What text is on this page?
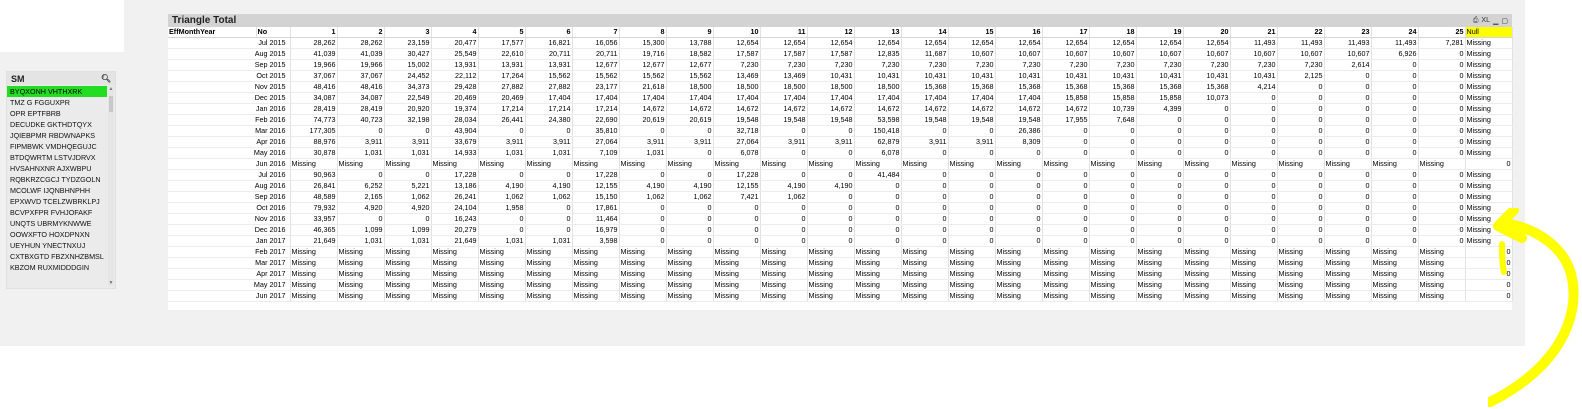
SM	🔍︎
BYQXONH VHTHXRK
TMZ G FGGUXPR
OPR EPTFBRB
DECUDKE GKTHDTQYX
JQIEBPMR RBDWNAPKS
FIPMBWK VMDHQEGUJC
BTDQWRTM LSTVJDRVX
HVSAHNXNR AJXWBPU
RQBKRZCGCJ TYDZGOLN
MCOLWF IJQNBHNPHH
EPXWVD TCELZWBRKLPJ
BCVPXFPR FVHJOFAKF
UNQTS UBRMYKNWWE
OOWXFTO HOXDPNXN
UEYHUN YNECTNXUJ
CXTBXGTD FBZXNHZBMSL
KBZOM RUXMIDDDGIN
▲
▼
Triangle Total	⎙ XL ▁ ▢
EffMonthYear	No	1	2	3	4	5	6	7	8	9	10	11	12	13	14	15	16	17	18	19	20	21	22	23	24	25	Null
Jul 2015		28,262	28,262	23,159	20,477	17,577	16,821	16,056	15,300	13,788	12,654	12,654	12,654	12,654	12,654	12,654	12,654	12,654	12,654	12,654	12,654	11,493	11,493	11,493	11,493	7,281	Missing
Aug 2015		41,039	41,039	30,427	25,549	22,610	20,711	20,711	19,716	18,582	17,587	17,587	17,587	12,835	11,687	10,607	10,607	10,607	10,607	10,607	10,607	10,607	10,607	10,607	6,926	0	Missing
Sep 2015		19,966	19,966	15,002	13,931	13,931	13,931	12,677	12,677	12,677	7,230	7,230	7,230	7,230	7,230	7,230	7,230	7,230	7,230	7,230	7,230	7,230	7,230	2,614	0	0	Missing
Oct 2015		37,067	37,067	24,452	22,112	17,264	15,562	15,562	15,562	15,562	13,469	13,469	10,431	10,431	10,431	10,431	10,431	10,431	10,431	10,431	10,431	10,431	2,125	0	0	0	Missing
Nov 2015		48,416	48,416	34,373	29,428	27,882	27,882	23,177	21,618	18,500	18,500	18,500	18,500	18,500	15,368	15,368	15,368	15,368	15,368	15,368	15,368	4,214	0	0	0	0	Missing
Dec 2015		34,087	34,087	22,549	20,469	20,469	17,404	17,404	17,404	17,404	17,404	17,404	17,404	17,404	17,404	17,404	17,404	15,858	15,858	15,858	10,073	0	0	0	0	0	Missing
Jan 2016		28,419	28,419	20,920	19,374	17,214	17,214	17,214	14,672	14,672	14,672	14,672	14,672	14,672	14,672	14,672	14,672	14,672	10,739	4,399	0	0	0	0	0	0	Missing
Feb 2016		74,773	40,723	32,198	28,034	26,441	24,380	22,690	20,619	20,619	19,548	19,548	19,548	53,598	19,548	19,548	19,548	17,955	7,648	0	0	0	0	0	0	0	Missing
Mar 2016		177,305	0	0	43,904	0	0	35,810	0	0	32,718	0	0	150,418	0	0	26,386	0	0	0	0	0	0	0	0	0	Missing
Apr 2016		88,976	3,911	3,911	33,679	3,911	3,911	27,064	3,911	3,911	27,064	3,911	3,911	62,879	3,911	3,911	8,309	0	0	0	0	0	0	0	0	0	Missing
May 2016		30,878	1,031	1,031	14,933	1,031	1,031	7,109	1,031	0	6,078	0	0	6,078	0	0	0	0	0	0	0	0	0	0	0	0	Missing
Jun 2016		Missing	Missing	Missing	Missing	Missing	Missing	Missing	Missing	Missing	Missing	Missing	Missing	Missing	Missing	Missing	Missing	Missing	Missing	Missing	Missing	Missing	Missing	Missing	Missing	Missing	0
Jul 2016		90,963	0	0	17,228	0	0	17,228	0	0	17,228	0	0	41,484	0	0	0	0	0	0	0	0	0	0	0	0	Missing
Aug 2016		26,841	6,252	5,221	13,186	4,190	4,190	12,155	4,190	4,190	12,155	4,190	4,190	0	0	0	0	0	0	0	0	0	0	0	0	0	Missing
Sep 2016		48,589	2,165	1,062	26,241	1,062	1,062	15,150	1,062	1,062	7,421	1,062	0	0	0	0	0	0	0	0	0	0	0	0	0	0	Missing
Oct 2016		79,932	4,920	4,920	24,104	1,958	0	17,861	0	0	0	0	0	0	0	0	0	0	0	0	0	0	0	0	0	0	Missing
Nov 2016		33,957	0	0	16,243	0	0	11,464	0	0	0	0	0	0	0	0	0	0	0	0	0	0	0	0	0	0	Missing
Dec 2016		46,365	1,099	1,099	20,279	0	0	16,979	0	0	0	0	0	0	0	0	0	0	0	0	0	0	0	0	0	0	Missing
Jan 2017		21,649	1,031	1,031	21,649	1,031	1,031	3,598	0	0	0	0	0	0	0	0	0	0	0	0	0	0	0	0	0	0	Missing
Feb 2017		Missing	Missing	Missing	Missing	Missing	Missing	Missing	Missing	Missing	Missing	Missing	Missing	Missing	Missing	Missing	Missing	Missing	Missing	Missing	Missing	Missing	Missing	Missing	Missing	Missing	0
Mar 2017		Missing	Missing	Missing	Missing	Missing	Missing	Missing	Missing	Missing	Missing	Missing	Missing	Missing	Missing	Missing	Missing	Missing	Missing	Missing	Missing	Missing	Missing	Missing	Missing	Missing	0
Apr 2017		Missing	Missing	Missing	Missing	Missing	Missing	Missing	Missing	Missing	Missing	Missing	Missing	Missing	Missing	Missing	Missing	Missing	Missing	Missing	Missing	Missing	Missing	Missing	Missing	Missing	0
May 2017		Missing	Missing	Missing	Missing	Missing	Missing	Missing	Missing	Missing	Missing	Missing	Missing	Missing	Missing	Missing	Missing	Missing	Missing	Missing	Missing	Missing	Missing	Missing	Missing	Missing	0
Jun 2017		Missing	Missing	Missing	Missing	Missing	Missing	Missing	Missing	Missing	Missing	Missing	Missing	Missing	Missing	Missing	Missing	Missing	Missing	Missing	Missing	Missing	Missing	Missing	Missing	Missing	0
